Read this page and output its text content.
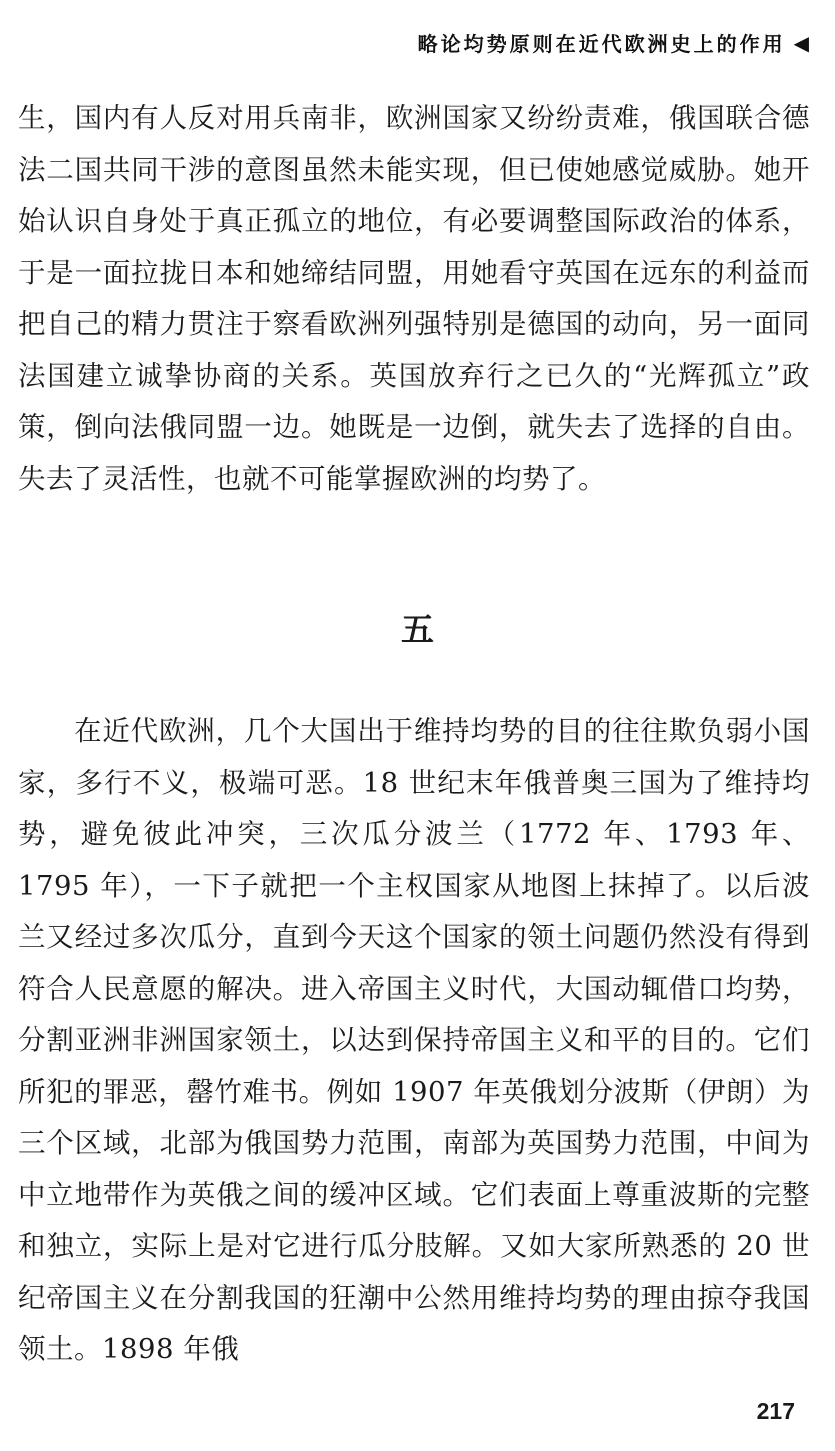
略论均势原则在近代欧洲史上的作用 ◀
生，国内有人反对用兵南非，欧洲国家又纷纷责难，俄国联合德法二国共同干涉的意图虽然未能实现，但已使她感觉威胁。她开始认识自身处于真正孤立的地位，有必要调整国际政治的体系，于是一面拉拢日本和她缔结同盟，用她看守英国在远东的利益而把自己的精力贯注于察看欧洲列强特别是德国的动向，另一面同法国建立诚挚协商的关系。英国放弃行之已久的“光辉孤立”政策，倒向法俄同盟一边。她既是一边倒，就失去了选择的自由。失去了灵活性，也就不可能掌握欧洲的均势了。
五
在近代欧洲，几个大国出于维持均势的目的往往欺负弱小国家，多行不义，极端可恶。18 世纪末年俄普奥三国为了维持均势，避免彼此冲突，三次瓜分波兰（1772 年、1793 年、1795 年），一下子就把一个主权国家从地图上抹掉了。以后波兰又经过多次瓜分，直到今天这个国家的领土问题仍然没有得到符合人民意愿的解决。进入帝国主义时代，大国动辄借口均势，分割亚洲非洲国家领土，以达到保持帝国主义和平的目的。它们所犯的罪恶，罄竹难书。例如 1907 年英俄划分波斯（伊朗）为三个区域，北部为俄国势力范围，南部为英国势力范围，中间为中立地带作为英俄之间的缓冲区域。它们表面上尊重波斯的完整和独立，实际上是对它进行瓜分肢解。又如大家所熟悉的 20 世纪帝国主义在分割我国的狂潮中公然用维持均势的理由掠夺我国领土。1898 年俄
217
